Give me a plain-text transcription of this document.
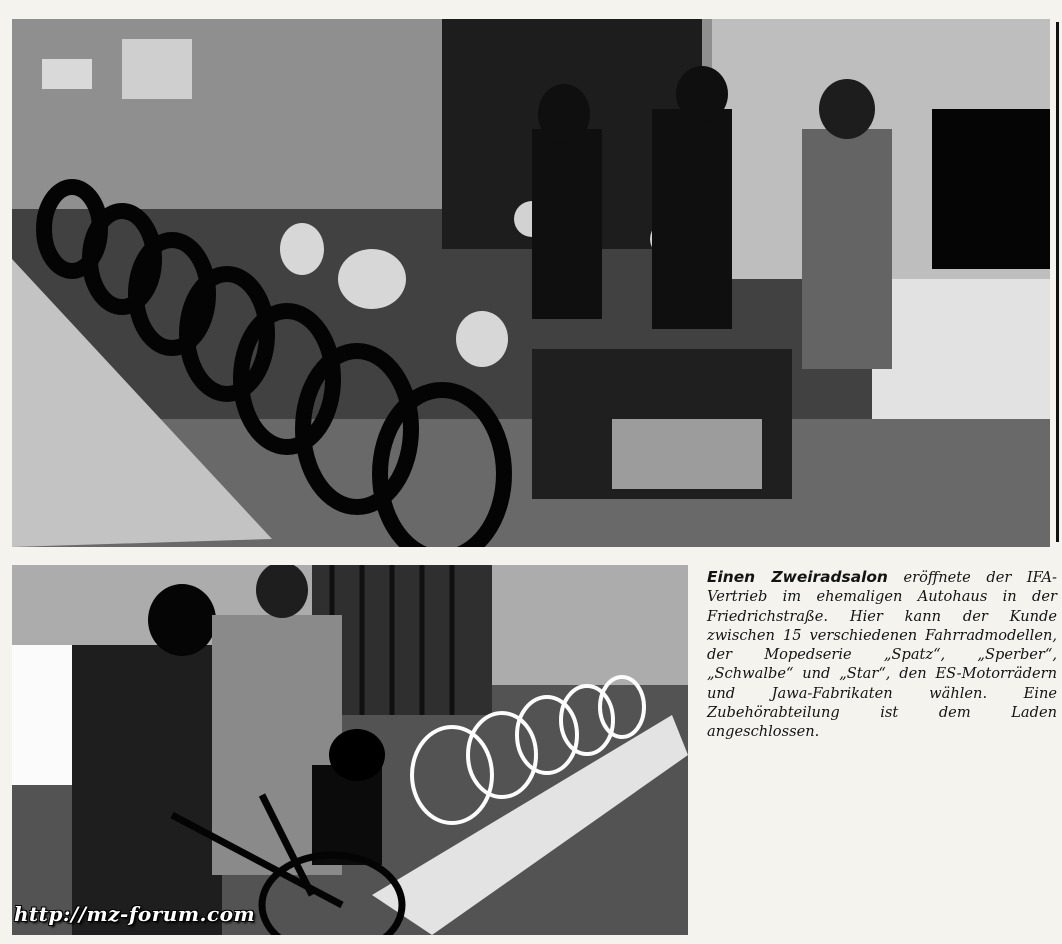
http://mz-forum.com
Einen Zweiradsalon eröffnete der IFA-Vertrieb im ehemaligen Autohaus in der Friedrichstraße. Hier kann der Kunde zwischen 15 verschiedenen Fahrradmodellen, der Mopedserie „Spatz“, „Sperber“, „Schwalbe“ und „Star“, den ES-Motorrädern und Jawa-Fabrikaten wählen. Eine Zubehörabteilung ist dem Laden angeschlossen.
